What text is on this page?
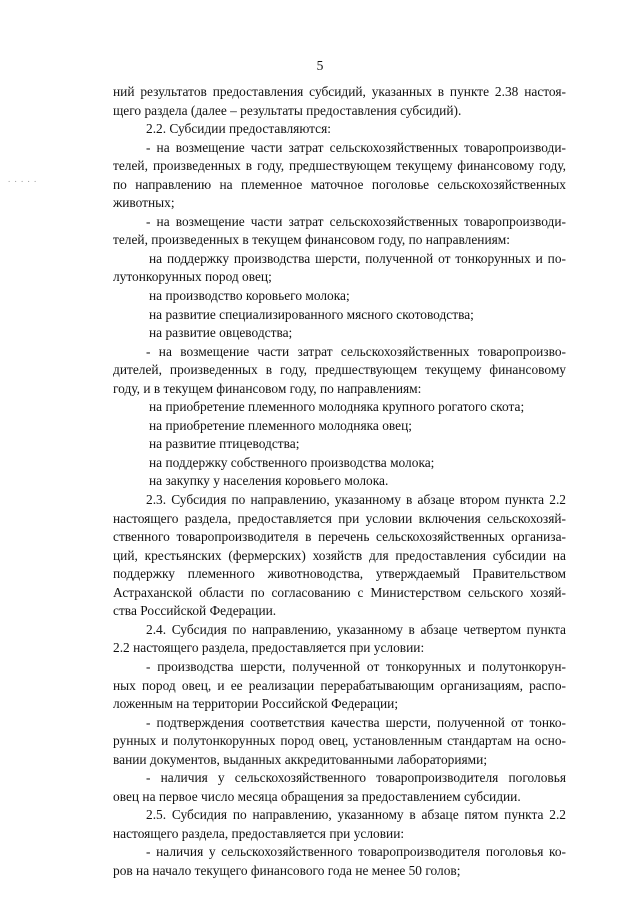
5
. . . . .
ний результатов предоставления субсидий, указанных в пункте 2.38 настоя-
щего раздела (далее – результаты предоставления субсидий).
2.2. Субсидии предоставляются:
- на возмещение части затрат сельскохозяйственных товаропроизводи-
телей, произведенных в году, предшествующем текущему финансовому году,
по направлению на племенное маточное поголовье сельскохозяйственных
животных;
- на возмещение части затрат сельскохозяйственных товаропроизводи-
телей, произведенных в текущем финансовом году, по направлениям:
на поддержку производства шерсти, полученной от тонкорунных и по-
лутонкорунных пород овец;
на производство коровьего молока;
на развитие специализированного мясного скотоводства;
на развитие овцеводства;
- на возмещение части затрат сельскохозяйственных товаропроизво-
дителей, произведенных в году, предшествующем текущему финансовому
году, и в текущем финансовом году, по направлениям:
на приобретение племенного молодняка крупного рогатого скота;
на приобретение племенного молодняка овец;
на развитие птицеводства;
на поддержку собственного производства молока;
на закупку у населения коровьего молока.
2.3. Субсидия по направлению, указанному в абзаце втором пункта 2.2
настоящего раздела, предоставляется при условии включения сельскохозяй-
ственного товаропроизводителя в перечень сельскохозяйственных организа-
ций, крестьянских (фермерских) хозяйств для предоставления субсидии на
поддержку племенного животноводства, утверждаемый Правительством
Астраханской области по согласованию с Министерством сельского хозяй-
ства Российской Федерации.
2.4. Субсидия по направлению, указанному в абзаце четвертом пункта
2.2 настоящего раздела, предоставляется при условии:
- производства шерсти, полученной от тонкорунных и полутонкорун-
ных пород овец, и ее реализации перерабатывающим организациям, распо-
ложенным на территории Российской Федерации;
- подтверждения соответствия качества шерсти, полученной от тонко-
рунных и полутонкорунных пород овец, установленным стандартам на осно-
вании документов, выданных аккредитованными лабораториями;
- наличия у сельскохозяйственного товаропроизводителя поголовья
овец на первое число месяца обращения за предоставлением субсидии.
2.5. Субсидия по направлению, указанному в абзаце пятом пункта 2.2
настоящего раздела, предоставляется при условии:
- наличия у сельскохозяйственного товаропроизводителя поголовья ко-
ров на начало текущего финансового года не менее 50 голов;
